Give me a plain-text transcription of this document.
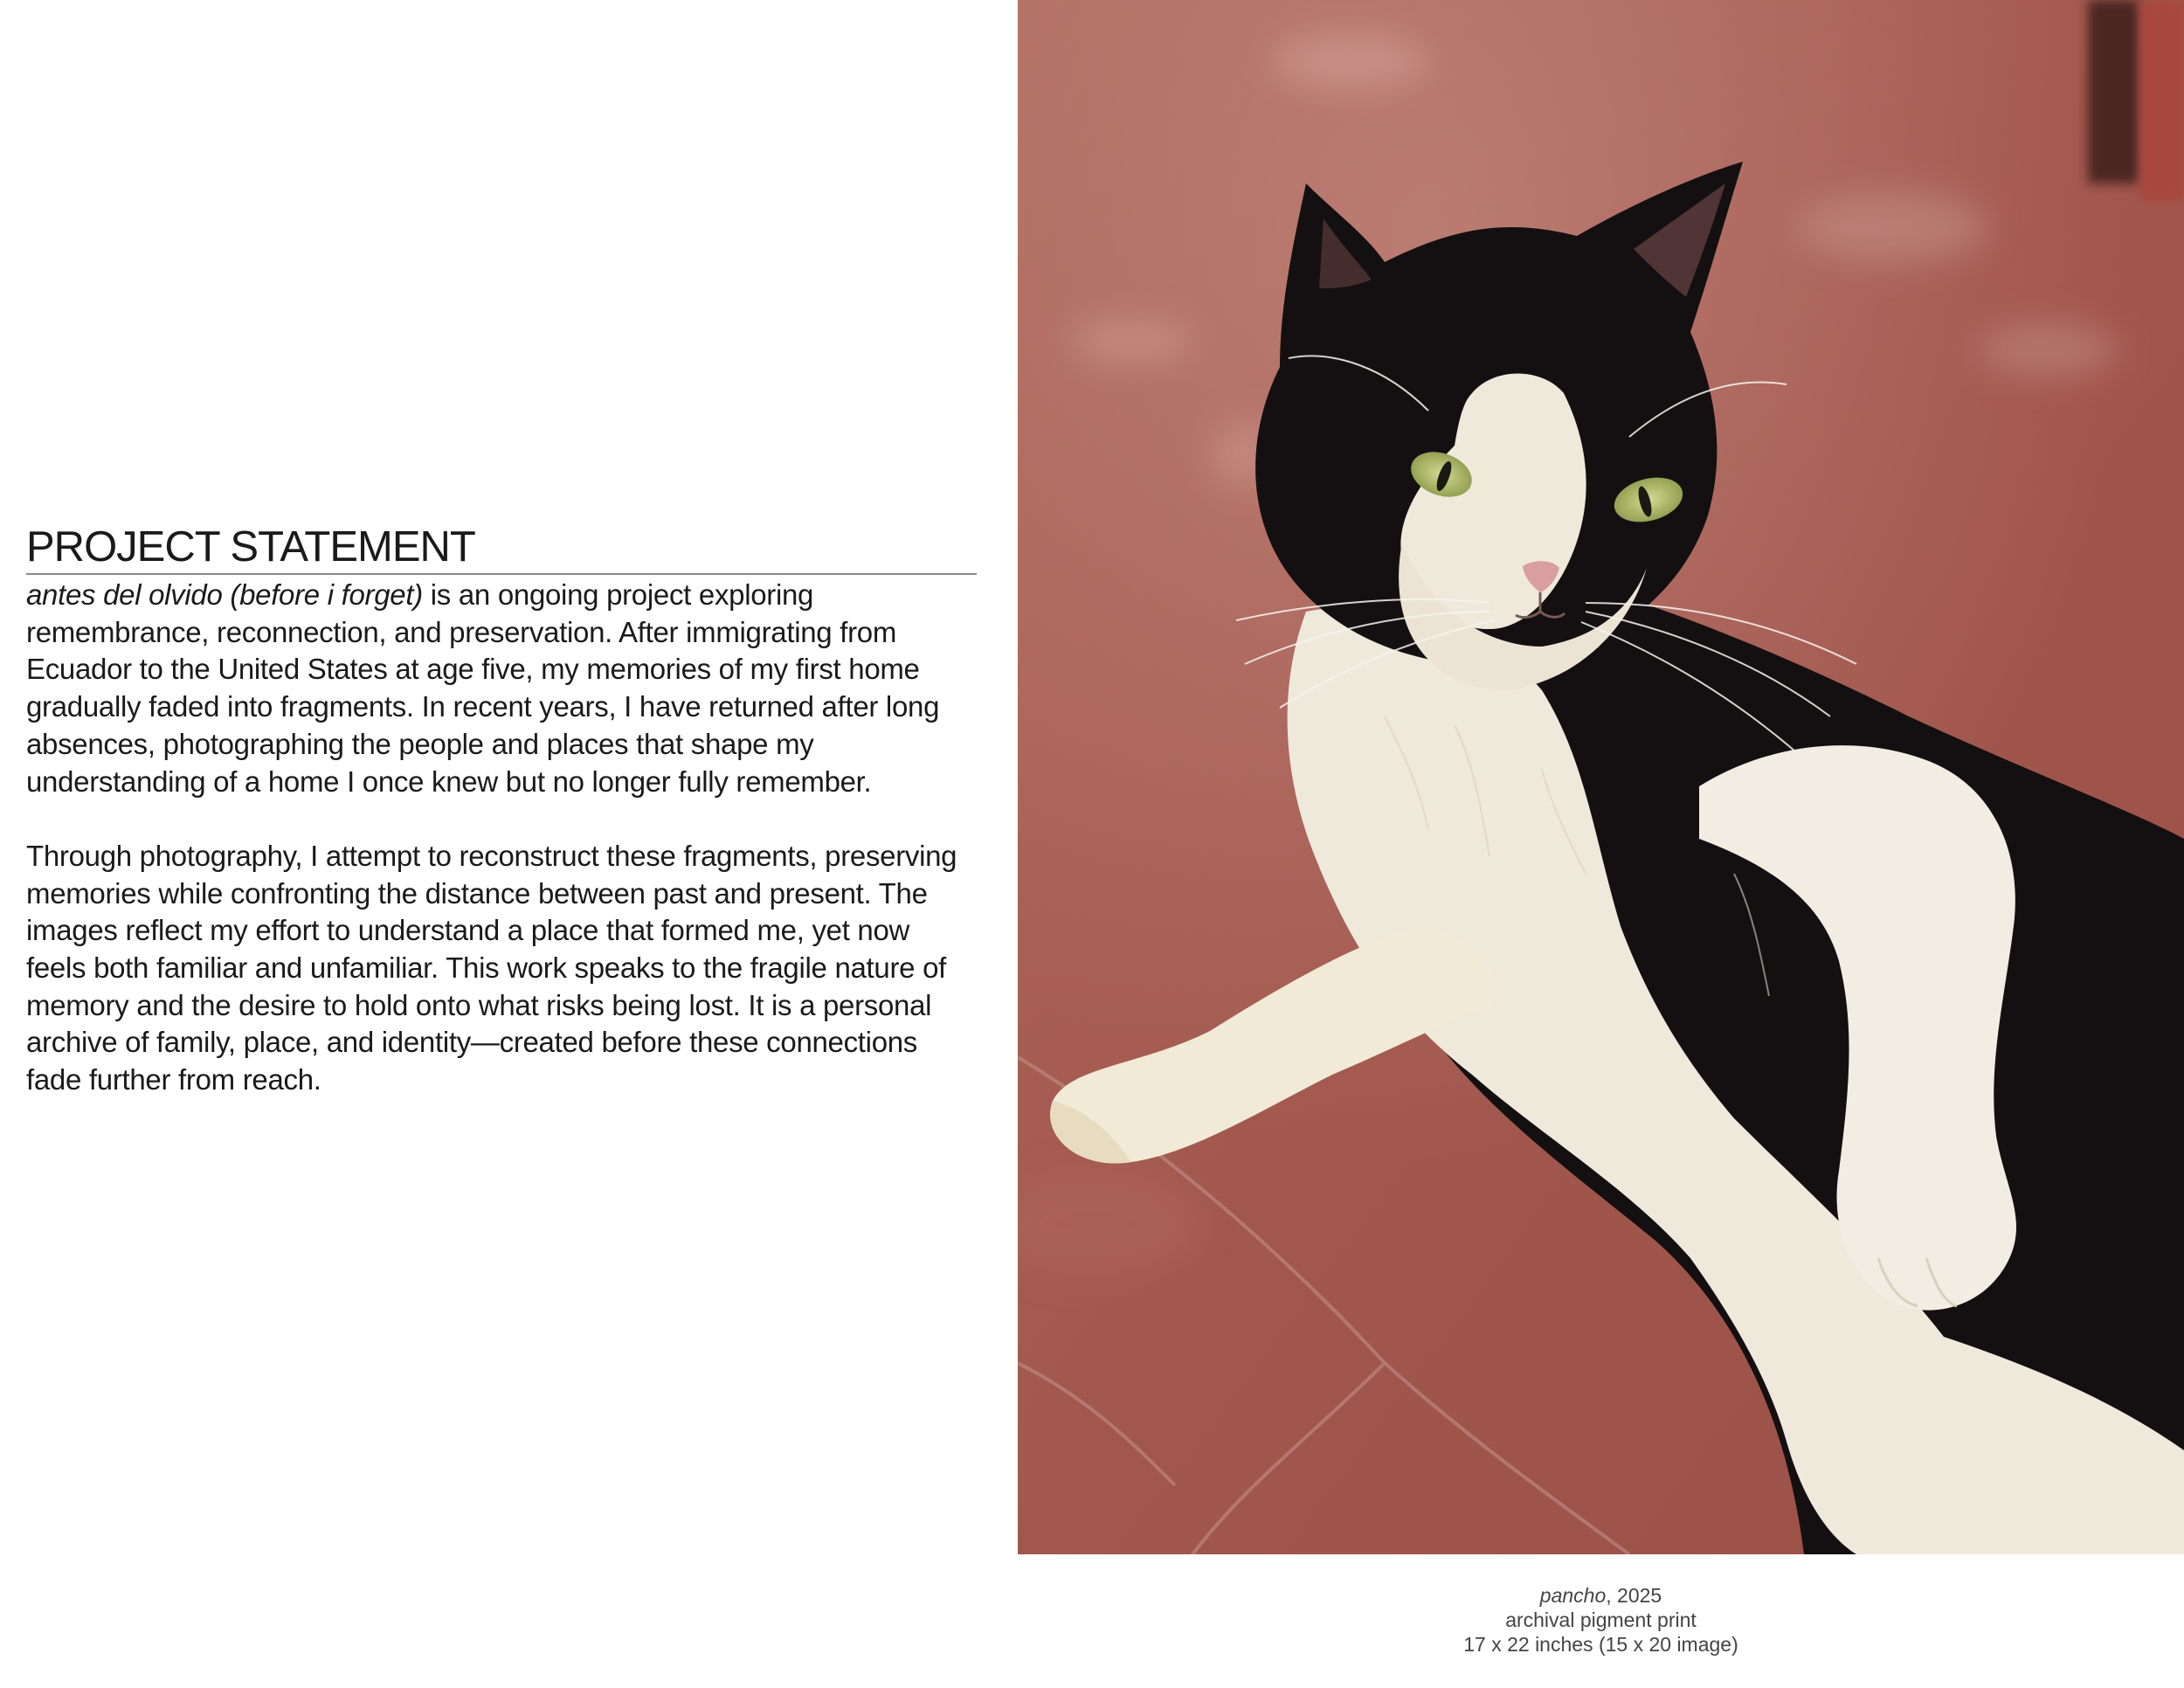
PROJECT STATEMENT

antes del olvido (before i forget) is an ongoing project exploring remembrance, reconnection, and preservation. After immigrating from Ecuador to the United States at age five, my memories of my first home gradually faded into fragments. In recent years, I have returned after long absences, photographing the people and places that shape my understanding of a home I once knew but no longer fully remember.

Through photography, I attempt to reconstruct these fragments, preserving memories while confronting the distance between past and present. The images reflect my effort to understand a place that formed me, yet now feels both familiar and unfamiliar. This work speaks to the fragile nature of memory and the desire to hold onto what risks being lost. It is a personal archive of family, place, and identity—created before these connections fade further from reach.

pancho, 2025
archival pigment print
17 x 22 inches (15 x 20 image)
